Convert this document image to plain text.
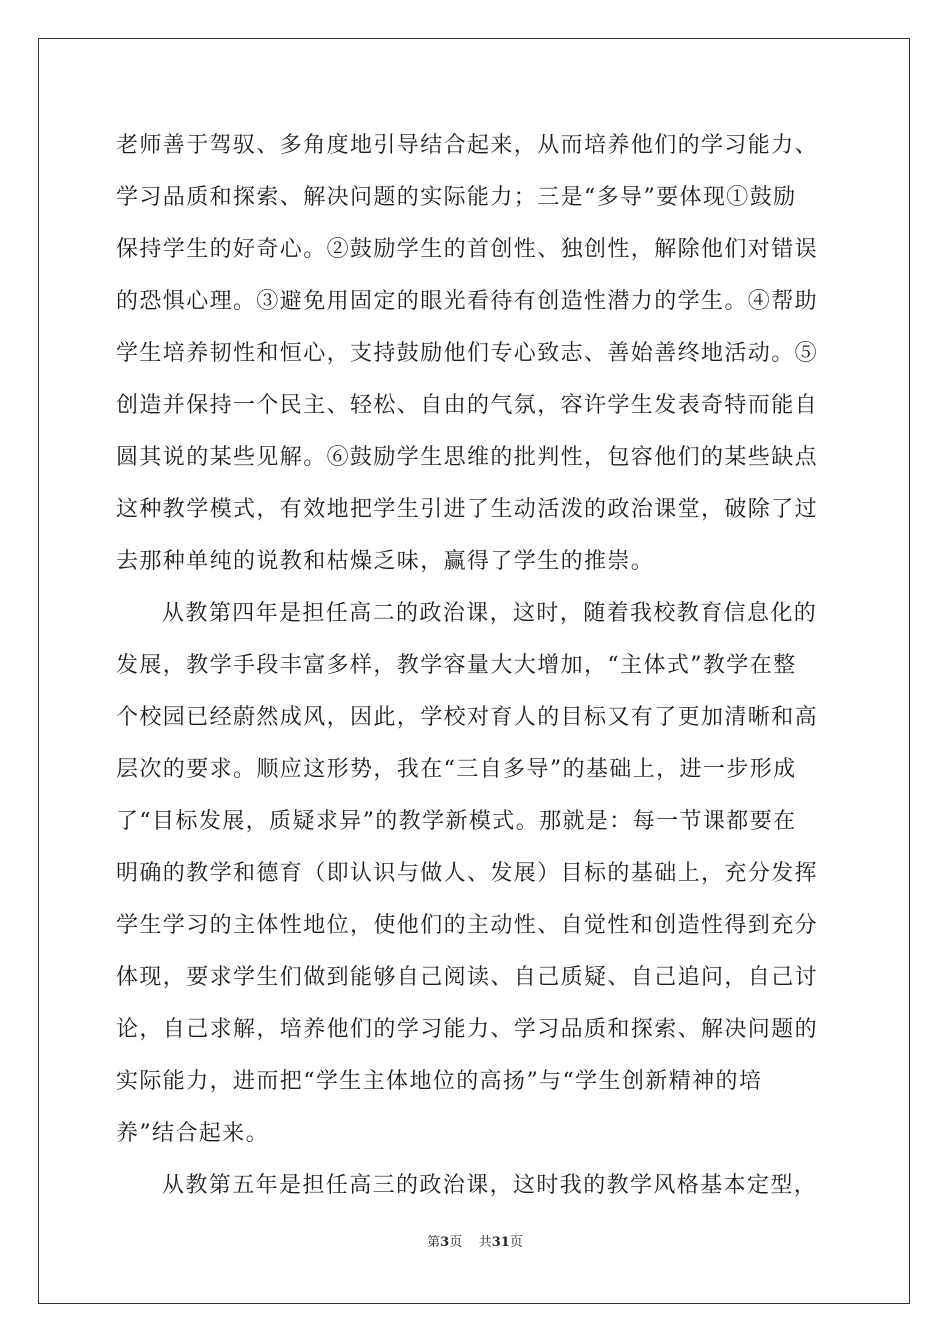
老师善于驾驭、多角度地引导结合起来，从而培养他们的学习能力、
学习品质和探索、解决问题的实际能力；三是“多导”要体现①鼓励
保持学生的好奇心。②鼓励学生的首创性、独创性，解除他们对错误
的恐惧心理。③避免用固定的眼光看待有创造性潜力的学生。④帮助
学生培养韧性和恒心，支持鼓励他们专心致志、善始善终地活动。⑤
创造并保持一个民主、轻松、自由的气氛，容许学生发表奇特而能自
圆其说的某些见解。⑥鼓励学生思维的批判性，包容他们的某些缺点
这种教学模式，有效地把学生引进了生动活泼的政治课堂，破除了过
去那种单纯的说教和枯燥乏味，赢得了学生的推崇。
从教第四年是担任高二的政治课，这时，随着我校教育信息化的
发展，教学手段丰富多样，教学容量大大增加，“主体式”教学在整
个校园已经蔚然成风，因此，学校对育人的目标又有了更加清晰和高
层次的要求。顺应这形势，我在“三自多导”的基础上，进一步形成
了“目标发展，质疑求异”的教学新模式。那就是：每一节课都要在
明确的教学和德育（即认识与做人、发展）目标的基础上，充分发挥
学生学习的主体性地位，使他们的主动性、自觉性和创造性得到充分
体现，要求学生们做到能够自己阅读、自己质疑、自己追问，自己讨
论，自己求解，培养他们的学习能力、学习品质和探索、解决问题的
实际能力，进而把“学生主体地位的高扬”与“学生创新精神的培
养”结合起来。
从教第五年是担任高三的政治课，这时我的教学风格基本定型，
第3页    共31页
